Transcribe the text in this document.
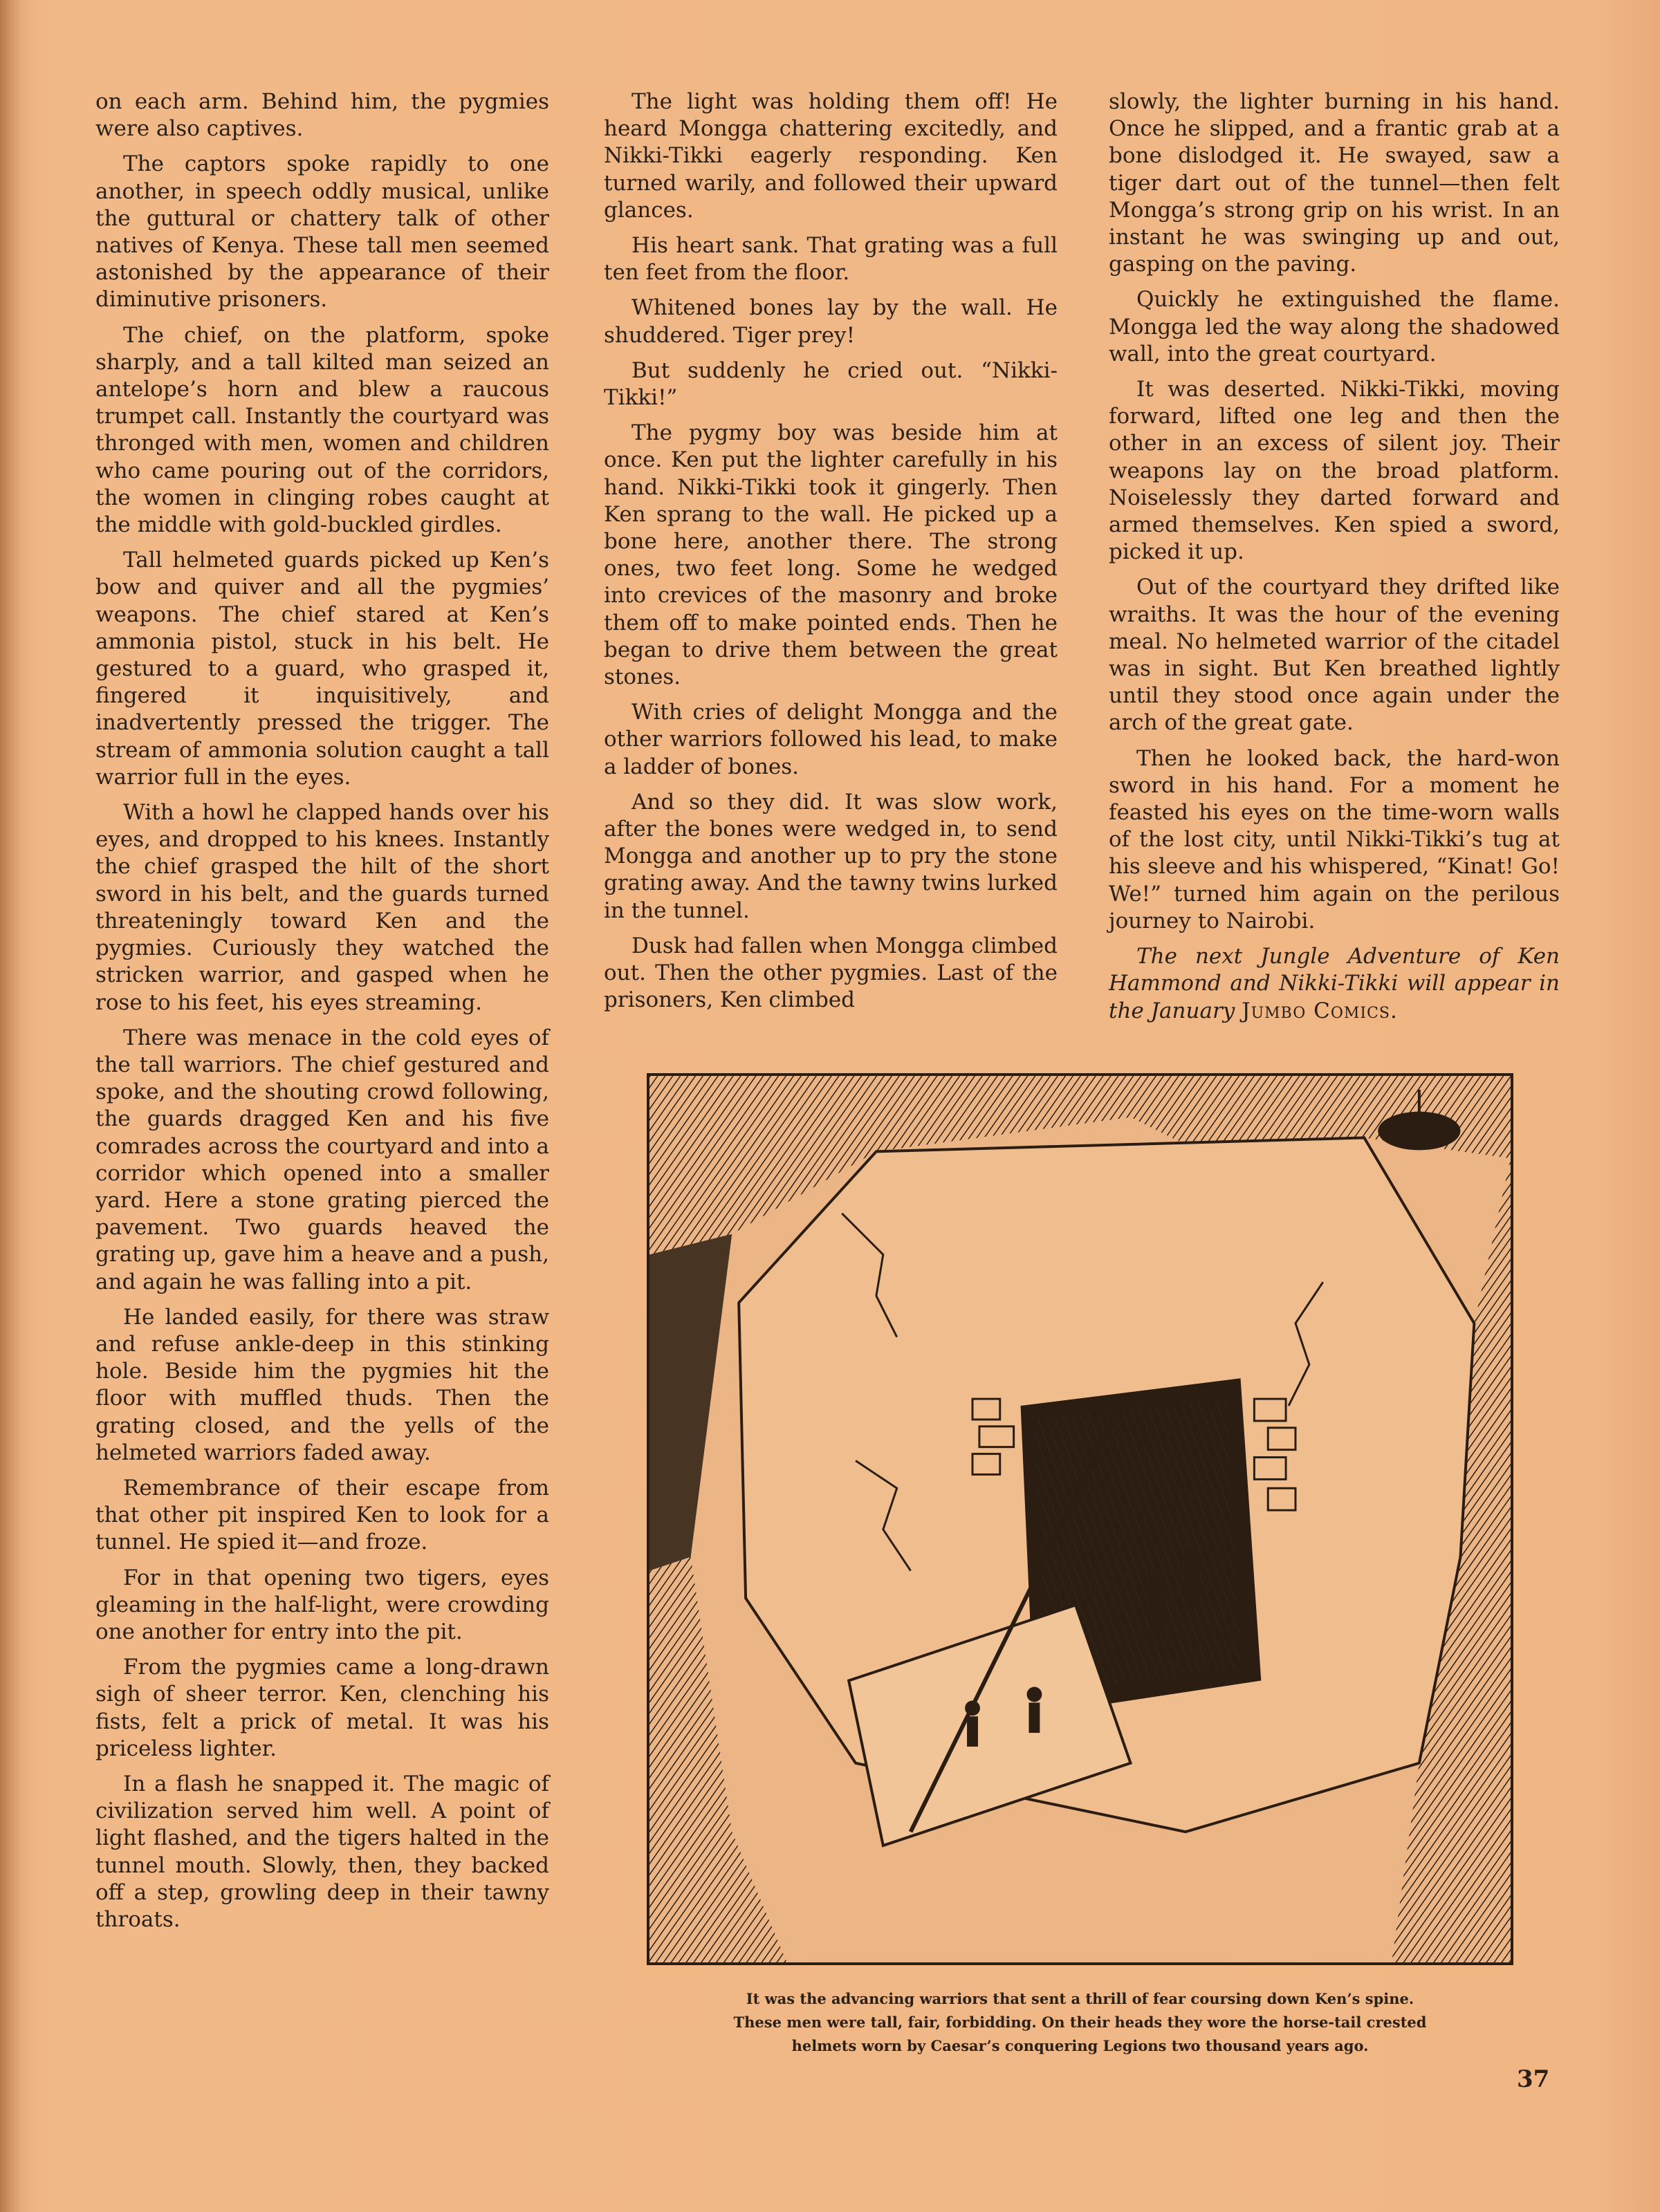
on each arm. Behind him, the pygmies were also captives.

The captors spoke rapidly to one another, in speech oddly musical, unlike the guttural or chattery talk of other natives of Kenya. These tall men seemed astonished by the appearance of their diminutive prisoners.

The chief, on the platform, spoke sharply, and a tall kilted man seized an antelope’s horn and blew a raucous trumpet call. Instantly the courtyard was thronged with men, women and children who came pouring out of the corridors, the women in clinging robes caught at the middle with gold-buckled girdles.

Tall helmeted guards picked up Ken’s bow and quiver and all the pygmies’ weapons. The chief stared at Ken’s ammonia pistol, stuck in his belt. He gestured to a guard, who grasped it, fingered it inquisitively, and inadvertently pressed the trigger. The stream of ammonia solution caught a tall warrior full in the eyes.

With a howl he clapped hands over his eyes, and dropped to his knees. Instantly the chief grasped the hilt of the short sword in his belt, and the guards turned threateningly toward Ken and the pygmies. Curiously they watched the stricken warrior, and gasped when he rose to his feet, his eyes streaming.

There was menace in the cold eyes of the tall warriors. The chief gestured and spoke, and the shouting crowd following, the guards dragged Ken and his five comrades across the courtyard and into a corridor which opened into a smaller yard. Here a stone grating pierced the pavement. Two guards heaved the grating up, gave him a heave and a push, and again he was falling into a pit.

He landed easily, for there was straw and refuse ankle-deep in this stinking hole. Beside him the pygmies hit the floor with muffled thuds. Then the grating closed, and the yells of the helmeted warriors faded away.

Remembrance of their escape from that other pit inspired Ken to look for a tunnel. He spied it—and froze.

For in that opening two tigers, eyes gleaming in the half-light, were crowding one another for entry into the pit.

From the pygmies came a long-drawn sigh of sheer terror. Ken, clenching his fists, felt a prick of metal. It was his priceless lighter.

In a flash he snapped it. The magic of civilization served him well. A point of light flashed, and the tigers halted in the tunnel mouth. Slowly, then, they backed off a step, growling deep in their tawny throats.

The light was holding them off! He heard Mongga chattering excitedly, and Nikki-Tikki eagerly responding. Ken turned warily, and followed their upward glances.

His heart sank. That grating was a full ten feet from the floor.

Whitened bones lay by the wall. He shuddered. Tiger prey!

But suddenly he cried out. “Nikki-Tikki!”

The pygmy boy was beside him at once. Ken put the lighter carefully in his hand. Nikki-Tikki took it gingerly. Then Ken sprang to the wall. He picked up a bone here, another there. The strong ones, two feet long. Some he wedged into crevices of the masonry and broke them off to make pointed ends. Then he began to drive them between the great stones.

With cries of delight Mongga and the other warriors followed his lead, to make a ladder of bones.

And so they did. It was slow work, after the bones were wedged in, to send Mongga and another up to pry the stone grating away. And the tawny twins lurked in the tunnel.

Dusk had fallen when Mongga climbed out. Then the other pygmies. Last of the prisoners, Ken climbed

slowly, the lighter burning in his hand. Once he slipped, and a frantic grab at a bone dislodged it. He swayed, saw a tiger dart out of the tunnel—then felt Mongga’s strong grip on his wrist. In an instant he was swinging up and out, gasping on the paving.

Quickly he extinguished the flame. Mongga led the way along the shadowed wall, into the great courtyard.

It was deserted. Nikki-Tikki, moving forward, lifted one leg and then the other in an excess of silent joy. Their weapons lay on the broad platform. Noiselessly they darted forward and armed themselves. Ken spied a sword, picked it up.

Out of the courtyard they drifted like wraiths. It was the hour of the evening meal. No helmeted warrior of the citadel was in sight. But Ken breathed lightly until they stood once again under the arch of the great gate.

Then he looked back, the hard-won sword in his hand. For a moment he feasted his eyes on the time-worn walls of the lost city, until Nikki-Tikki’s tug at his sleeve and his whispered, “Kinat! Go! We!” turned him again on the perilous journey to Nairobi.

The next Jungle Adventure of Ken Hammond and Nikki-Tikki will appear in the January Jumbo Comics.

It was the advancing warriors that sent a thrill of fear coursing down Ken’s spine.
These men were tall, fair, forbidding. On their heads they wore the horse-tail crested
helmets worn by Caesar’s conquering Legions two thousand years ago.
37
